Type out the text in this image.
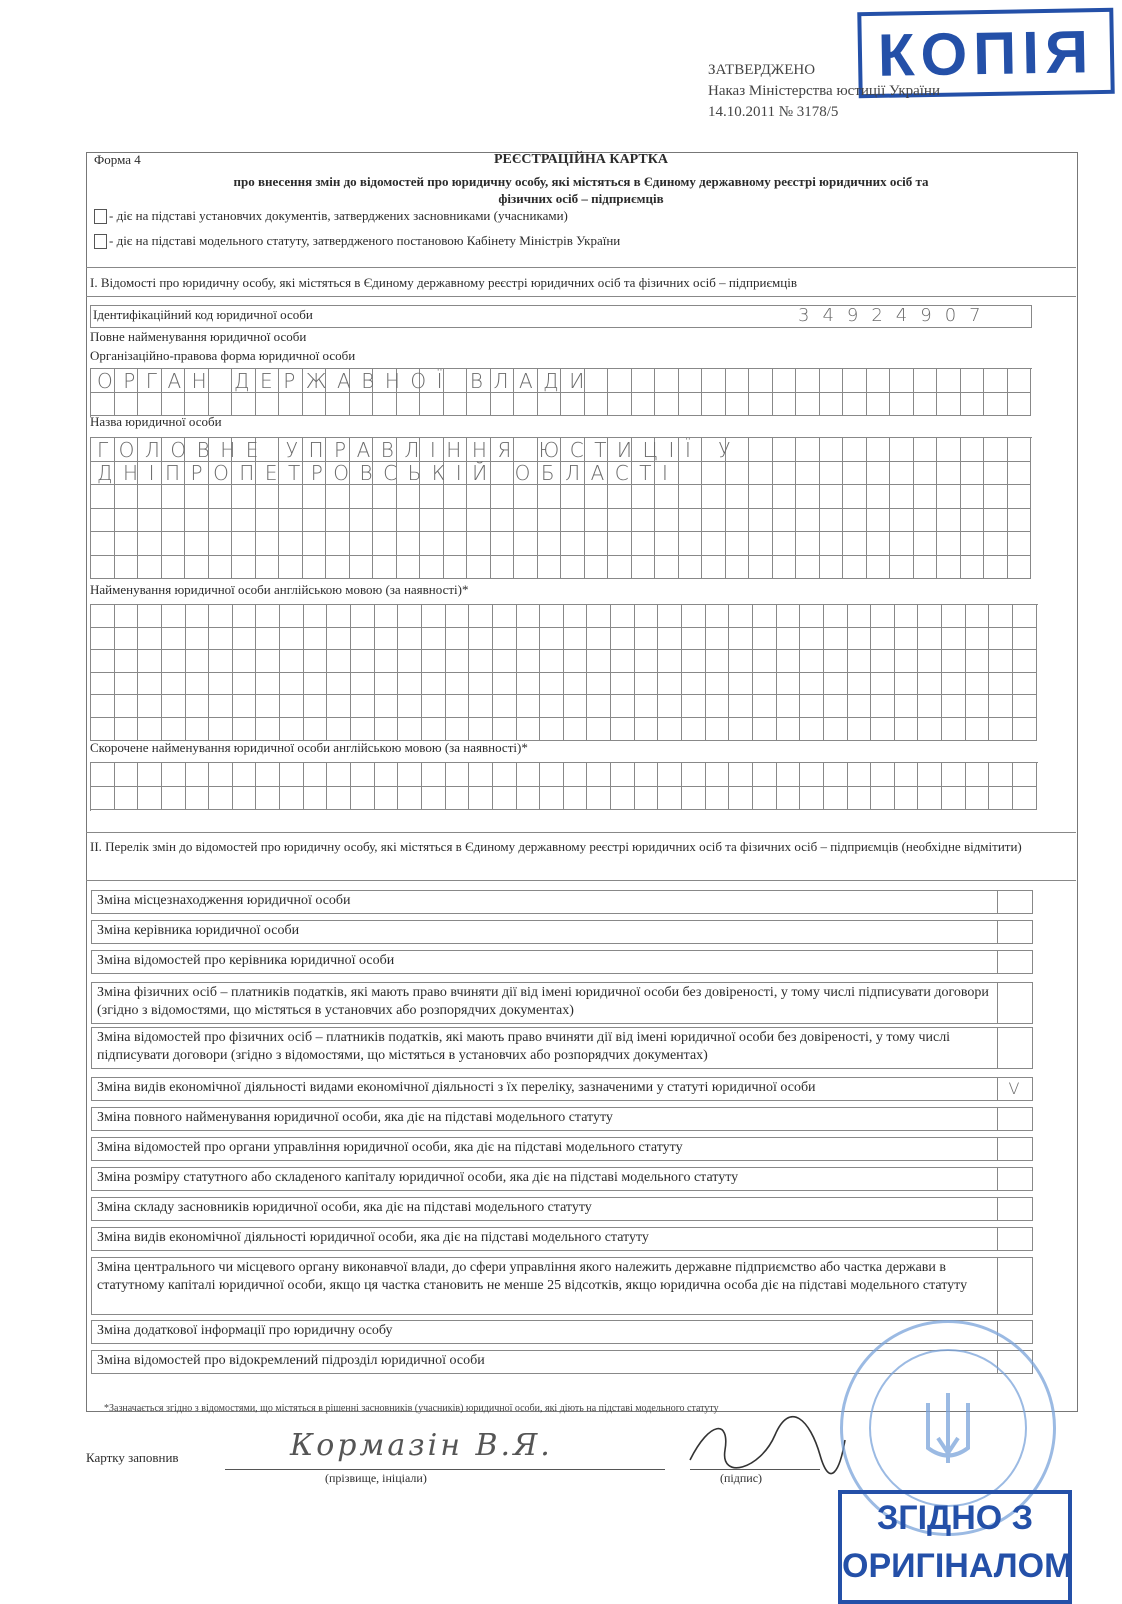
КОПІЯ
ЗАТВЕРДЖЕНО
Наказ Міністерства юстиції України
14.10.2011 № 3178/5
Форма 4	РЕЄСТРАЦІЙНА КАРТКА
про внесення змін до відомостей про юридичну особу, які містяться в Єдиному державному реєстрі юридичних осіб та
фізичних осіб – підприємців
- діє на підставі установчих документів, затверджених засновниками (учасниками)
- діє на підставі модельного статуту, затвердженого постановою Кабінету Міністрів України
І. Відомості про юридичну особу, які містяться в Єдиному державному реєстрі юридичних осіб та фізичних осіб – підприємців
Ідентифікаційний код юридичної особи	34924907
Повне найменування юридичної особи
Організаційно-правова форма юридичної особи
ОРГАН ДЕРЖАВНОЇ ВЛАДИ
Назва юридичної особи
ГОЛОВНЕ УПРАВЛІННЯ ЮСТИЦІЇ У
ДНІПРОПЕТРОВСЬКІЙ ОБЛАСТІ
Найменування юридичної особи англійською мовою (за наявності)*
Скорочене найменування юридичної особи англійською мовою (за наявності)*
ІІ. Перелік змін до відомостей про юридичну особу, які містяться в Єдиному державному реєстрі юридичних осіб та фізичних осіб – підприємців (необхідне відмітити)
Зміна місцезнаходження юридичної особи
Зміна керівника юридичної особи
Зміна відомостей про керівника юридичної особи
Зміна фізичних осіб – платників податків, які мають право вчиняти дії від імені юридичної особи без довіреності, у тому числі підписувати договори (згідно з відомостями, що містяться в установчих або розпорядчих документах)
Зміна відомостей про фізичних осіб – платників податків, які мають право вчиняти дії від імені юридичної особи без довіреності, у тому числі підписувати договори (згідно з відомостями, що містяться в установчих або розпорядчих документах)
Зміна видів економічної діяльності видами економічної діяльності з їх переліку, зазначеними у статуті юридичної особи	V
Зміна повного найменування юридичної особи, яка діє на підставі модельного статуту
Зміна відомостей про органи управління юридичної особи, яка діє на підставі модельного статуту
Зміна розміру статутного або складеного капіталу юридичної особи, яка діє на підставі модельного статуту
Зміна складу засновників юридичної особи, яка діє на підставі модельного статуту
Зміна видів економічної діяльності юридичної особи, яка діє на підставі модельного статуту
Зміна центрального чи місцевого органу виконавчої влади, до сфери управління якого належить державне підприємство або частка держави в статутному капіталі юридичної особи, якщо ця частка становить не менше 25 відсотків, якщо юридична особа діє на підставі модельного статуту
Зміна додаткової інформації про юридичну особу
Зміна відомостей про відокремлений підрозділ юридичної особи
*Зазначається згідно з відомостями, що містяться в рішенні засновників (учасників) юридичної особи, які діють на підставі модельного статуту
Картку заповнив	Кормазін В.Я.
(прізвище, ініціали)	(підпис)
ЗГІДНО З
ОРИГІНАЛОМ
